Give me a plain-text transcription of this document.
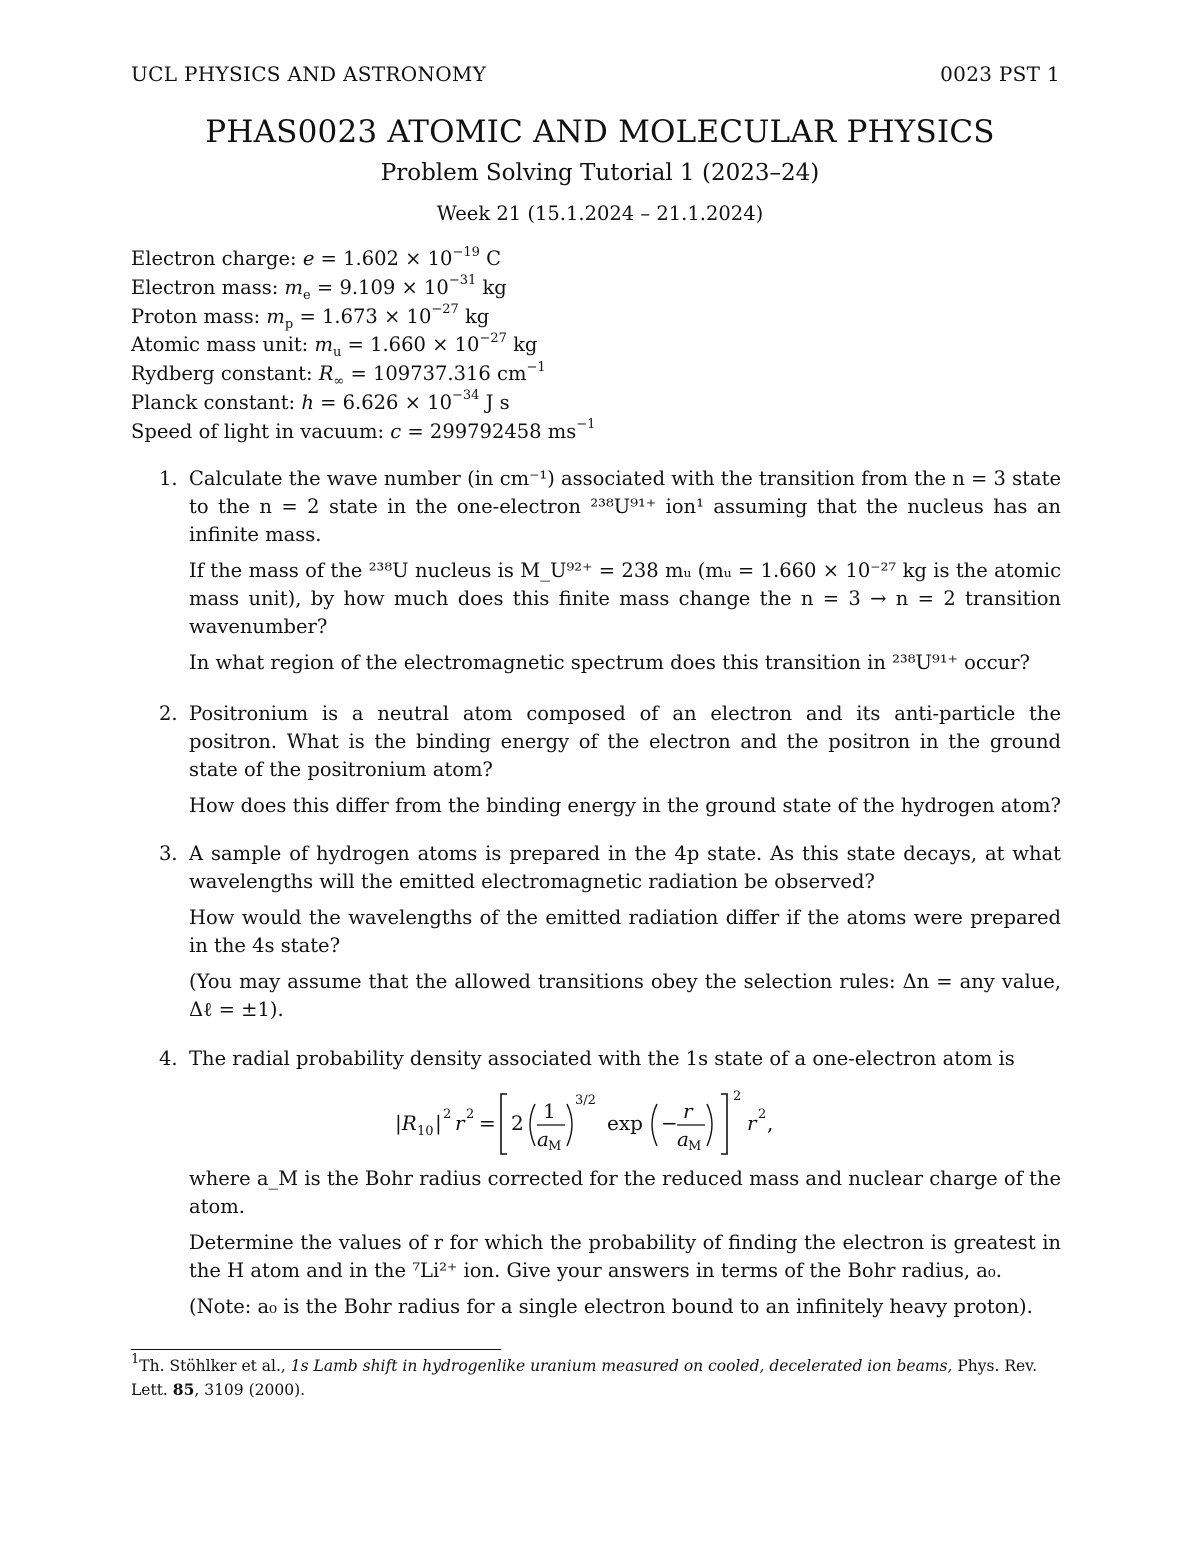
UCL PHYSICS AND ASTRONOMY	0023 PST 1
PHAS0023 ATOMIC AND MOLECULAR PHYSICS
Problem Solving Tutorial 1 (2023–24)
Week 21 (15.1.2024 – 21.1.2024)
Electron charge: $e = 1.602 \times 10^{-19}$ C
Electron mass: $m_e = 9.109 \times 10^{-31}$ kg
Proton mass: $m_p = 1.673 \times 10^{-27}$ kg
Atomic mass unit: $m_u = 1.660 \times 10^{-27}$ kg
Rydberg constant: $R_\infty = 109737.316$ $cm^{-1}$
Planck constant: $h = 6.626 \times 10^{-34}$ J s
Speed of light in vacuum: c = 299792458 $ms^{-1}$
1. Calculate the wave number (in cm⁻¹) associated with the transition from the n = 3 state to the n = 2 state in the one-electron ²³⁸U⁹¹⁺ ion¹ assuming that the nucleus has an infinite mass.

If the mass of the ²³⁸U nucleus is M_U⁹²⁺ = 238 mᵤ (mᵤ = 1.660 × 10⁻²⁷ kg is the atomic mass unit), by how much does this finite mass change the n = 3 → n = 2 transition wavenumber?

In what region of the electromagnetic spectrum does this transition in ²³⁸U⁹¹⁺ occur?

2. Positronium is a neutral atom composed of an electron and its anti-particle the positron. What is the binding energy of the electron and the positron in the ground state of the positronium atom?

How does this differ from the binding energy in the ground state of the hydrogen atom?

3. A sample of hydrogen atoms is prepared in the 4p state. As this state decays, at what wavelengths will the emitted electromagnetic radiation be observed?

How would the wavelengths of the emitted radiation differ if the atoms were prepared in the 4s state?

(You may assume that the allowed transitions obey the selection rules: Δn = any value, Δℓ = ±1).

4. The radial probability density associated with the 1s state of a one-electron atom is

|R 10 | 2 r 2 = 2 1
a M
3/2
exp − r
a M
2
r 2 ,

where a_M is the Bohr radius corrected for the reduced mass and nuclear charge of the atom.

Determine the values of r for which the probability of finding the electron is greatest in the H atom and in the ⁷Li²⁺ ion. Give your answers in terms of the Bohr radius, a₀.

(Note: a₀ is the Bohr radius for a single electron bound to an infinitely heavy proton).

$^1$Th. Stöhlker et al., 1s Lamb shift in hydrogenlike uranium measured on cooled, decelerated ion beams, Phys. Rev. Lett. 85, 3109 (2000).
